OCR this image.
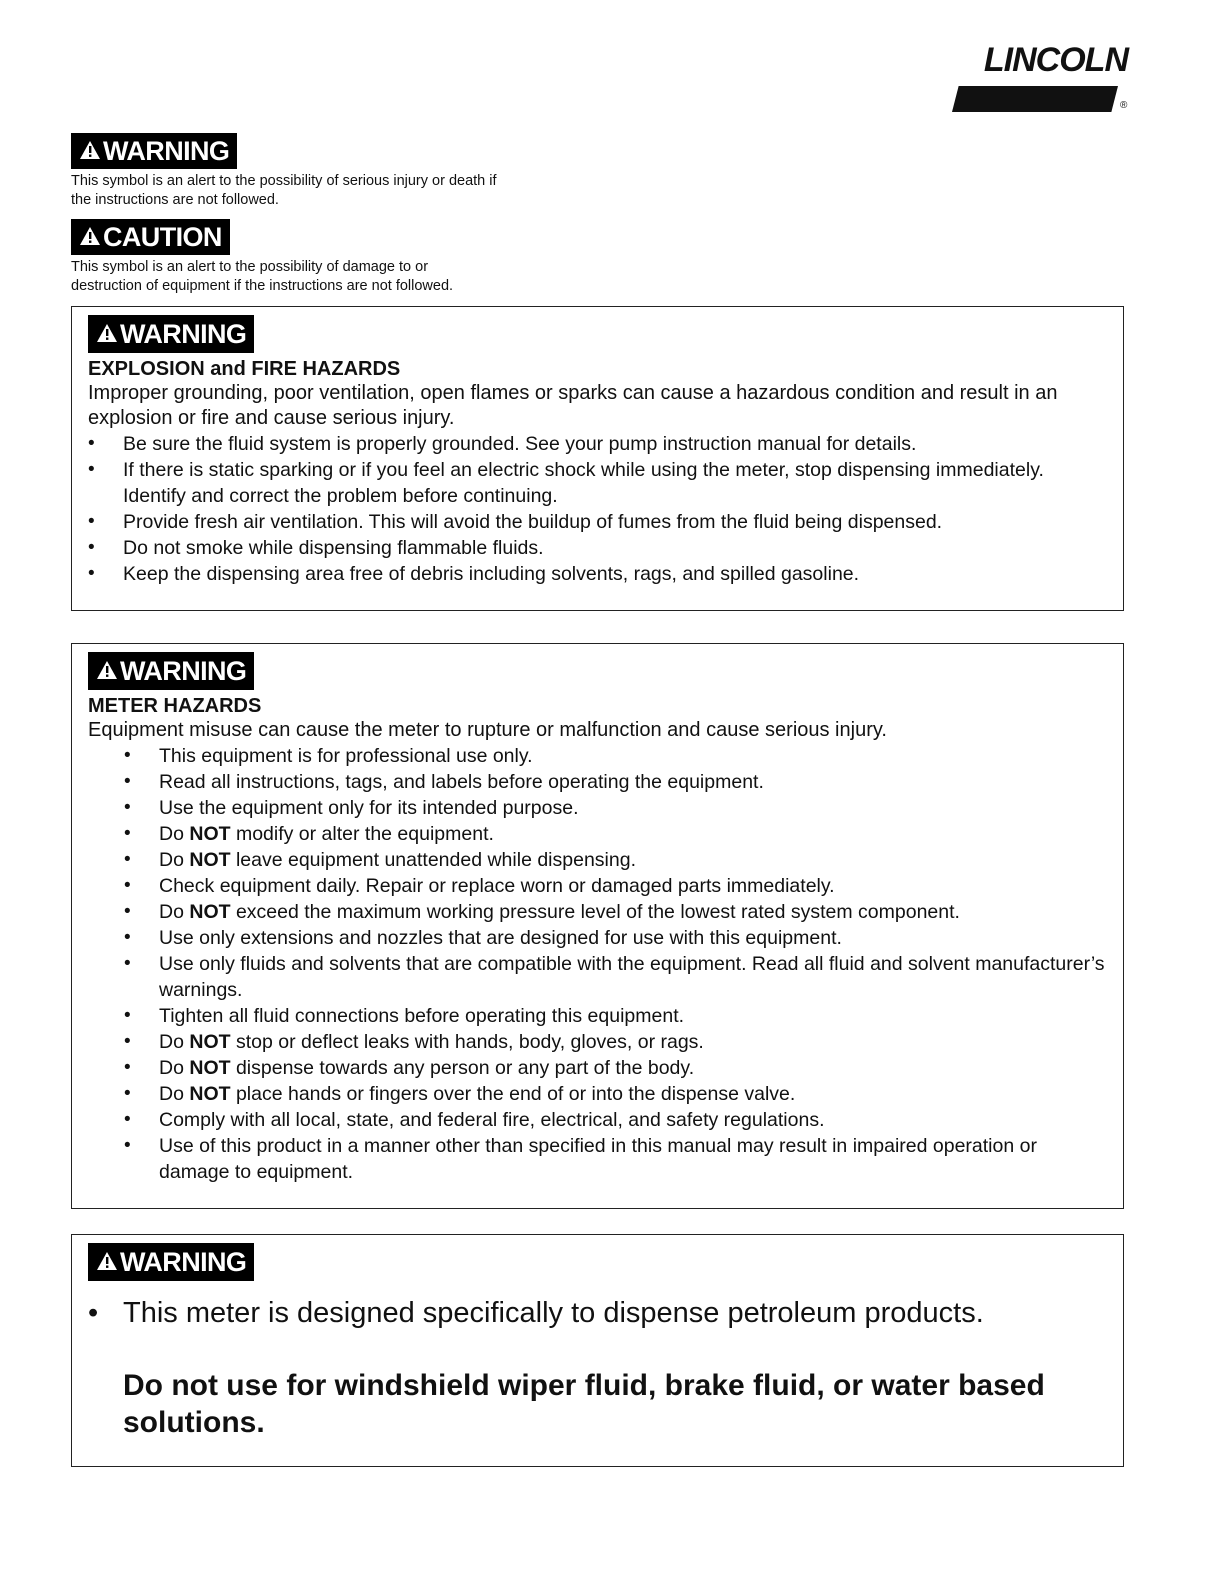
LINCOLN
®
WARNING
This symbol is an alert to the possibility of serious injury or death if the instructions are not followed.
CAUTION
This symbol is an alert to the possibility of damage to or destruction of equipment if the instructions are not followed.
WARNING
EXPLOSION and FIRE HAZARDS
Improper grounding, poor ventilation, open flames or sparks can cause a hazardous condition and result in an explosion or fire and cause serious injury.
• Be sure the fluid system is properly grounded. See your pump instruction manual for details.
• If there is static sparking or if you feel an electric shock while using the meter, stop dispensing immediately. Identify and correct the problem before continuing.
• Provide fresh air ventilation. This will avoid the buildup of fumes from the fluid being dispensed.
• Do not smoke while dispensing flammable fluids.
• Keep the dispensing area free of debris including solvents, rags, and spilled gasoline.
WARNING
METER HAZARDS
Equipment misuse can cause the meter to rupture or malfunction and cause serious injury.
• This equipment is for professional use only.
• Read all instructions, tags, and labels before operating the equipment.
• Use the equipment only for its intended purpose.
• Do NOT modify or alter the equipment.
• Do NOT leave equipment unattended while dispensing.
• Check equipment daily. Repair or replace worn or damaged parts immediately.
• Do NOT exceed the maximum working pressure level of the lowest rated system component.
• Use only extensions and nozzles that are designed for use with this equipment.
• Use only fluids and solvents that are compatible with the equipment. Read all fluid and solvent manufacturer’s warnings.
• Tighten all fluid connections before operating this equipment.
• Do NOT stop or deflect leaks with hands, body, gloves, or rags.
• Do NOT dispense towards any person or any part of the body.
• Do NOT place hands or fingers over the end of or into the dispense valve.
• Comply with all local, state, and federal fire, electrical, and safety regulations.
• Use of this product in a manner other than specified in this manual may result in impaired operation or damage to equipment.
WARNING
• This meter is designed specifically to dispense petroleum products.
Do not use for windshield wiper fluid, brake fluid, or water based solutions.
